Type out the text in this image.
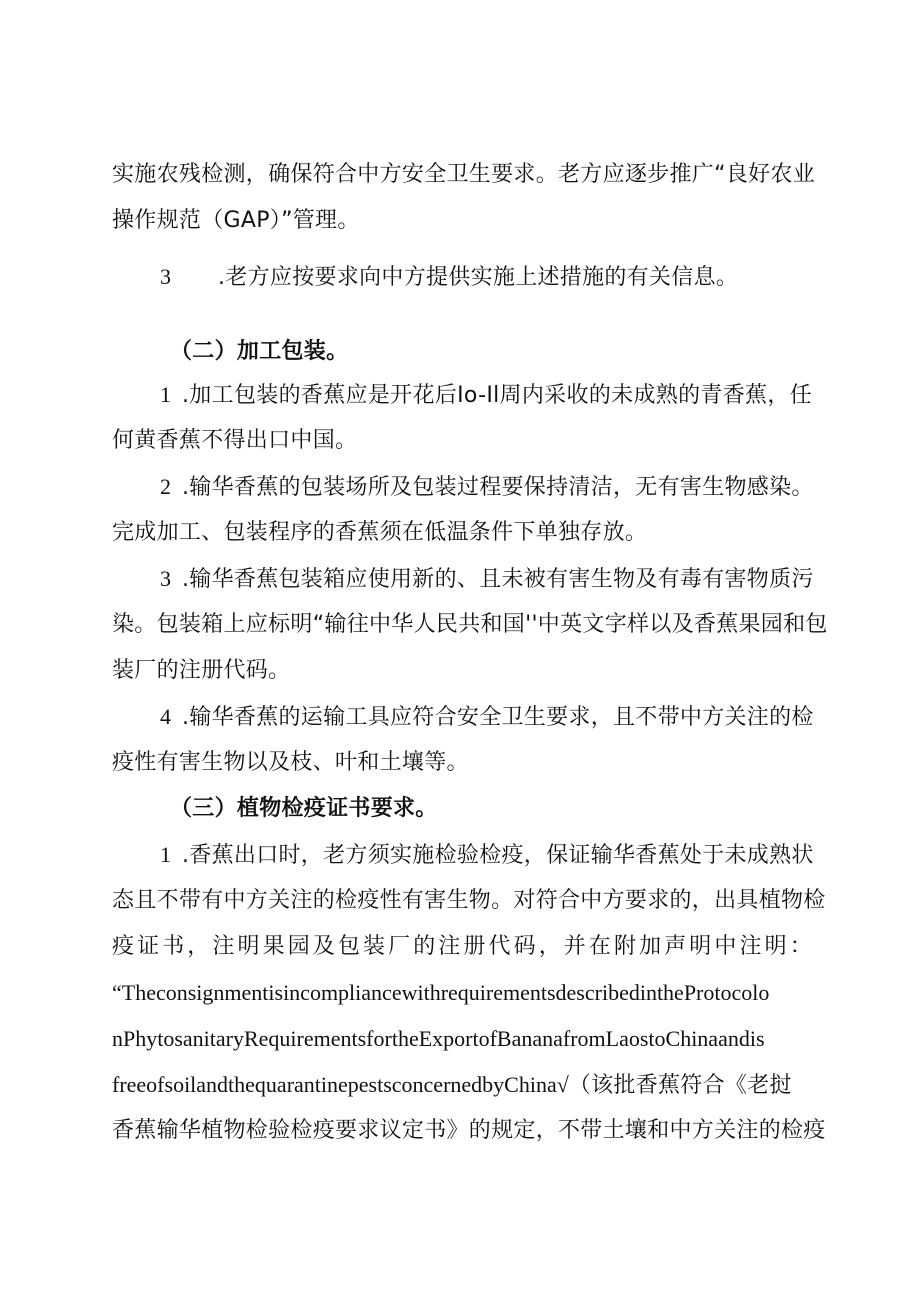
实施农残检测，确保符合中方安全卫生要求。老方应逐步推广“良好农业
操作规范（GAP）”管理。
3 .老方应按要求向中方提供实施上述措施的有关信息。
（二）加工包装。
1 .加工包装的香蕉应是开花后Io-Il周内采收的未成熟的青香蕉，任
何黄香蕉不得出口中国。
2 .输华香蕉的包装场所及包装过程要保持清洁，无有害生物感染。
完成加工、包装程序的香蕉须在低温条件下单独存放。
3 .输华香蕉包装箱应使用新的、且未被有害生物及有毒有害物质污
染。包装箱上应标明“输往中华人民共和国''中英文字样以及香蕉果园和包
装厂的注册代码。
4 .输华香蕉的运输工具应符合安全卫生要求，且不带中方关注的检
疫性有害生物以及枝、叶和土壤等。
（三）植物检疫证书要求。
1 .香蕉出口时，老方须实施检验检疫，保证输华香蕉处于未成熟状
态且不带有中方关注的检疫性有害生物。对符合中方要求的，出具植物检
疫证书，注明果园及包装厂的注册代码，并在附加声明中注明：
“TheconsignmentisincompliancewithrequirementsdescribedintheProtocolo
nPhytosanitaryRequirementsfortheExportofBananafromLaostoChinaandis
freeofsoilandthequarantinepestsconcernedbyChina√（该批香蕉符合《老挝
香蕉输华植物检验检疫要求议定书》的规定，不带土壤和中方关注的检疫
